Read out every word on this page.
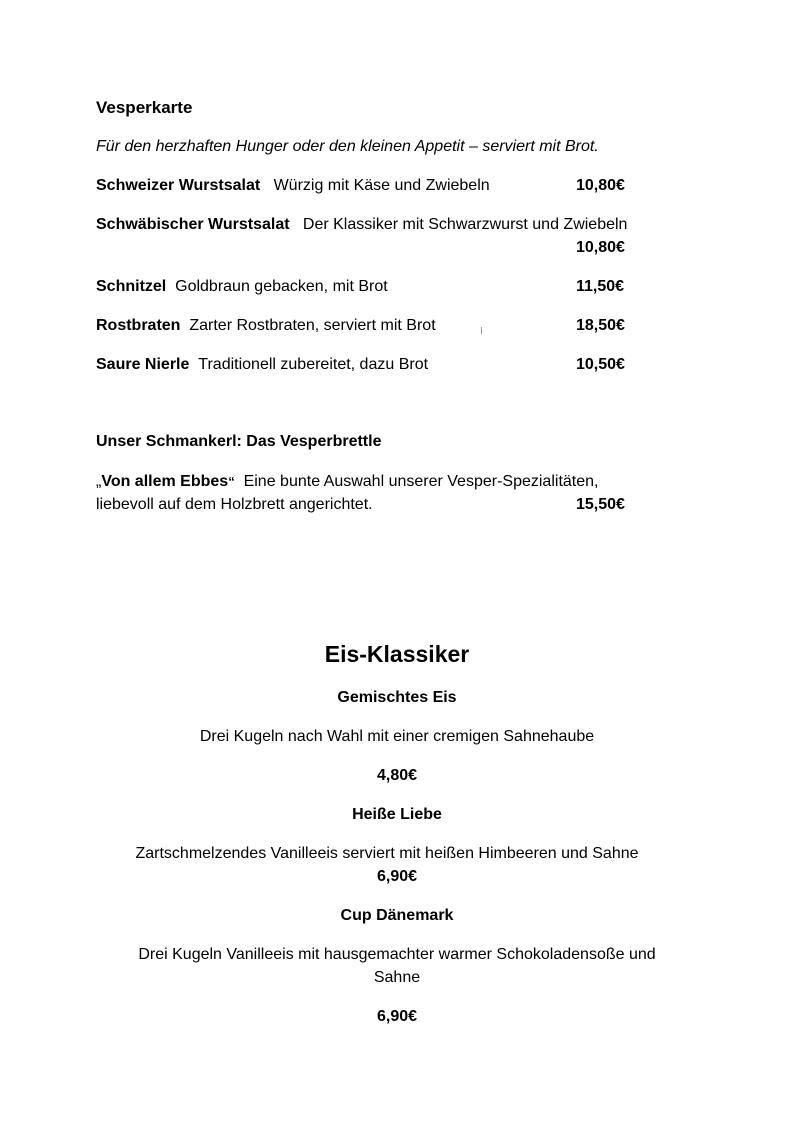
Vesperkarte
Für den herzhaften Hunger oder den kleinen Appetit – serviert mit Brot.
Schweizer Wurstsalat Würzig mit Käse und Zwiebeln	10,80€
Schwäbischer Wurstsalat Der Klassiker mit Schwarzwurst und Zwiebeln
10,80€
Schnitzel Goldbraun gebacken, mit Brot	11,50€
Rostbraten Zarter Rostbraten, serviert mit Brot	18,50€
Saure Nierle Traditionell zubereitet, dazu Brot	10,50€
Unser Schmankerl: Das Vesperbrettle
„Von allem Ebbes“ Eine bunte Auswahl unserer Vesper-Spezialitäten,
liebevoll auf dem Holzbrett angerichtet.	15,50€
Eis-Klassiker
Gemischtes Eis
Drei Kugeln nach Wahl mit einer cremigen Sahnehaube
4,80€
Heiße Liebe
Zartschmelzendes Vanilleeis serviert mit heißen Himbeeren und Sahne
6,90€
Cup Dänemark
Drei Kugeln Vanilleeis mit hausgemachter warmer Schokoladensoße und
Sahne
6,90€
